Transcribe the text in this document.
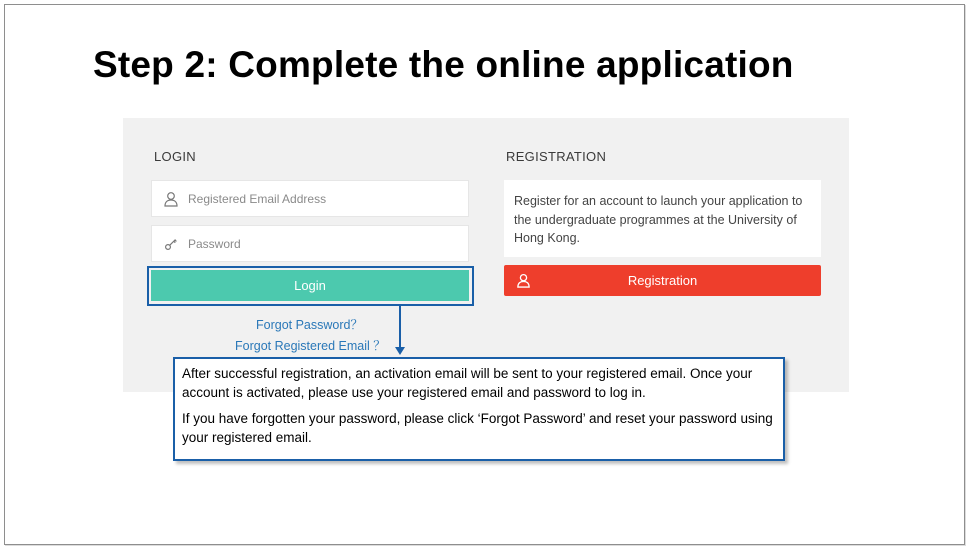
Step 2: Complete the online application
LOGIN
Registered Email Address
Login
Forgot Password？
Forgot Registered Email ？
REGISTRATION
Register for an account to launch your application to the undergraduate programmes at the University of Hong Kong.
Registration

After successful registration, an activation email will be sent to your registered email. Once your account is activated, please use your registered email and password to log in.

If you have forgotten your password, please click ‘Forgot Password’ and reset your password using your registered email.
